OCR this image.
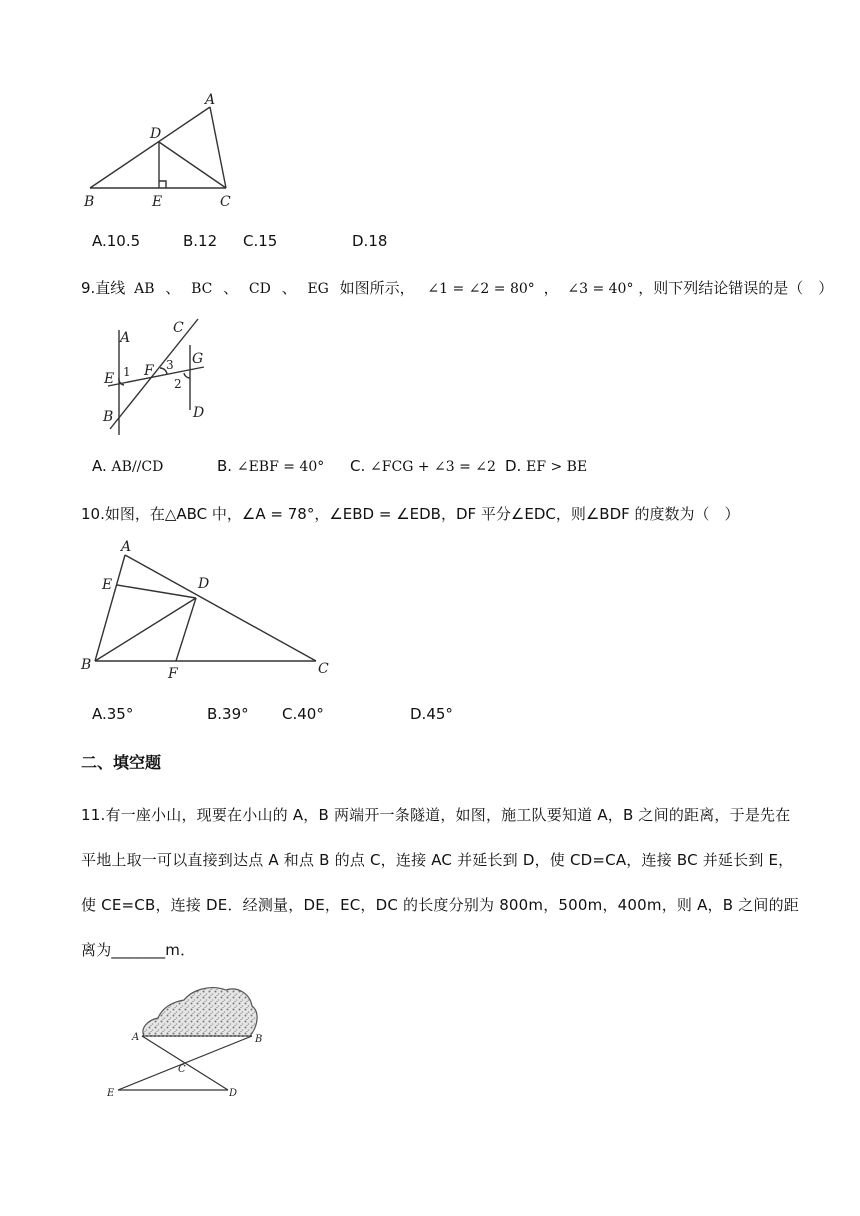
A
D
B	E	C
A.10.5	B.12 C.15	D.18
9.直线 AB 、 BC 、 CD 、 EG 如图所示， ∠1 = ∠2 = 80° ， ∠3 = 40° ，则下列结论错误的是（　）
A
E
B
C
F
G
D
1	3
2
A. AB//CD	B. ∠EBF = 40° C. ∠FCG + ∠3 = ∠2 D. EF > BE
10.如图，在△ABC 中，∠A = 78°，∠EBD = ∠EDB，DF 平分∠EDC，则∠BDF 的度数为（　）
A
E	D
B
F	C
A.35°	B.39° C.40°	D.45°
二、填空题
11.有一座小山，现要在小山的 A，B 两端开一条隧道，如图，施工队要知道 A，B 之间的距离，于是先在
平地上取一可以直接到达点 A 和点 B 的点 C，连接 AC 并延长到 D，使 CD=CA，连接 BC 并延长到 E，
使 CE=CB，连接 DE．经测量，DE，EC，DC 的长度分别为 800m，500m，400m，则 A，B 之间的距
离为_______m．
A	B
C
E	D
